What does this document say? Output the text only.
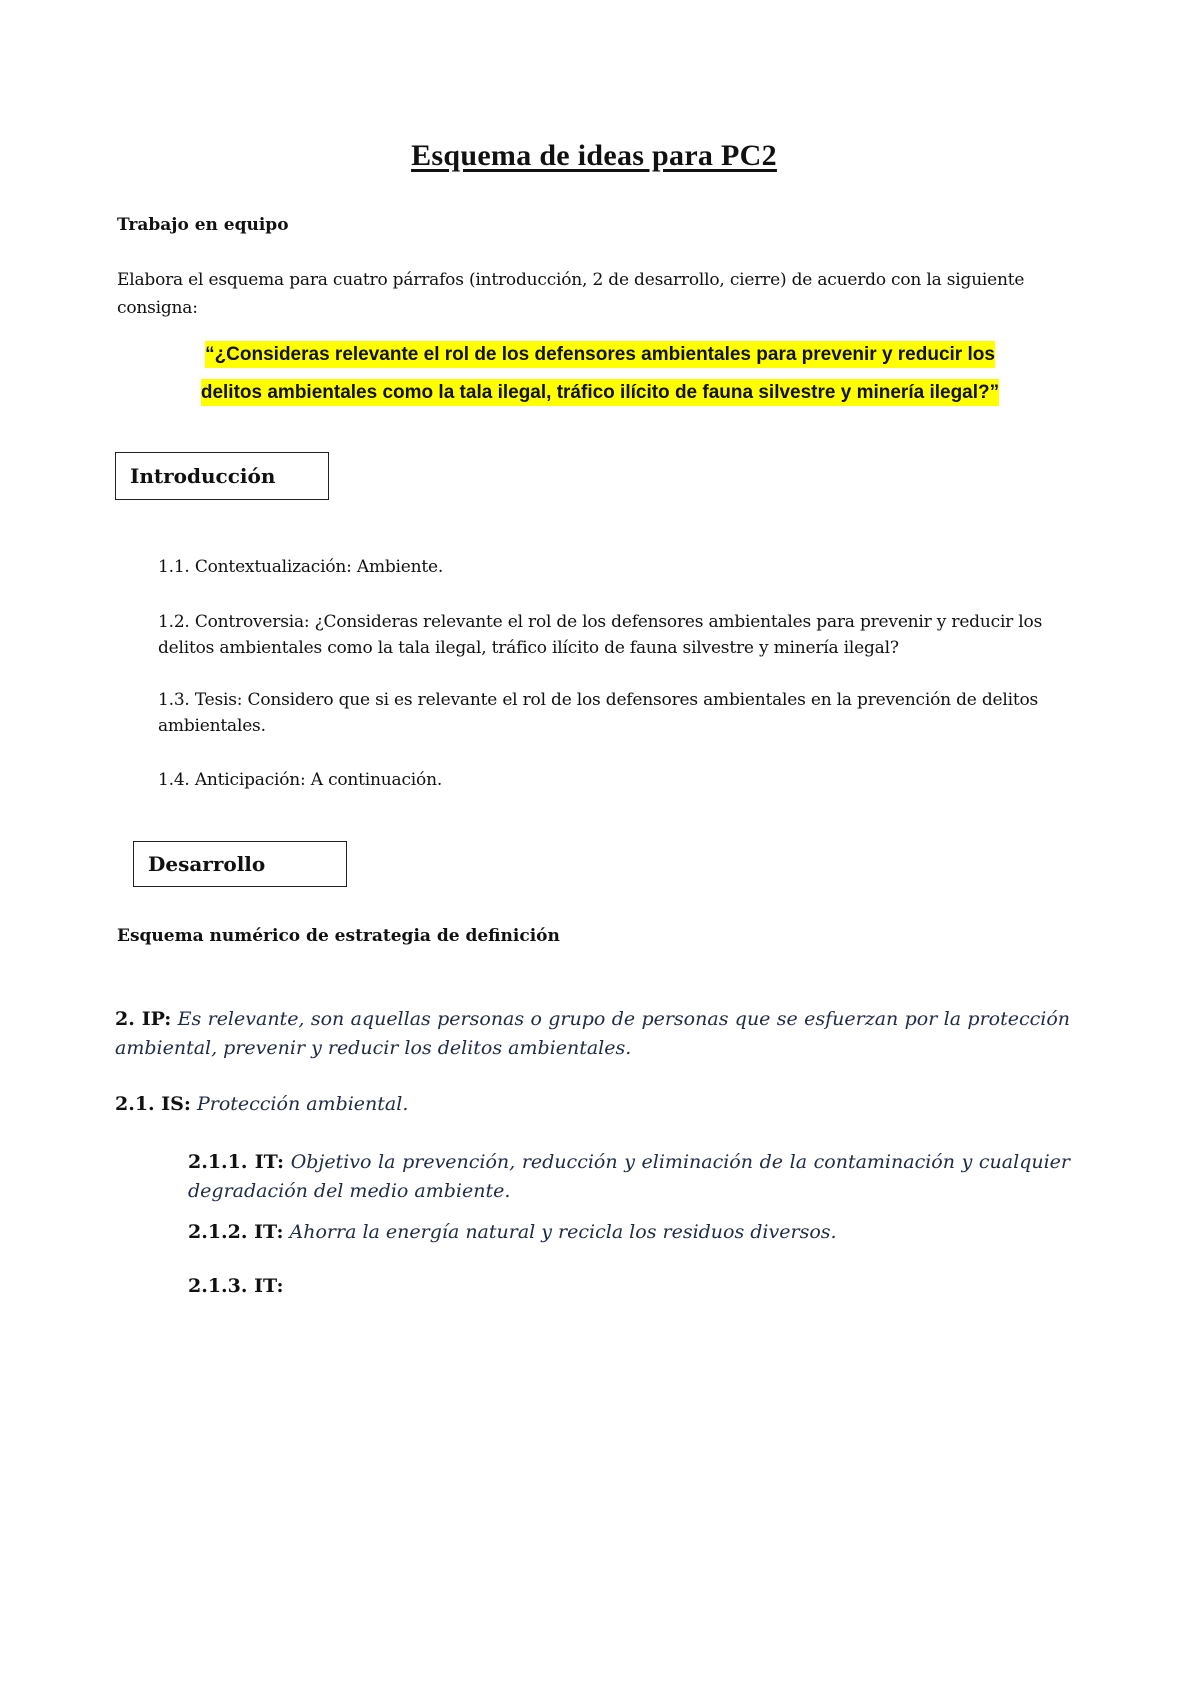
Esquema de ideas para PC2
Trabajo en equipo
Elabora el esquema para cuatro párrafos (introducción, 2 de desarrollo, cierre) de acuerdo con la siguiente consigna:
“¿Consideras relevante el rol de los defensores ambientales para prevenir y reducir los
delitos ambientales como la tala ilegal, tráfico ilícito de fauna silvestre y minería ilegal?”
Introducción
1.1. Contextualización: Ambiente.
1.2. Controversia: ¿Consideras relevante el rol de los defensores ambientales para prevenir y reducir los delitos ambientales como la tala ilegal, tráfico ilícito de fauna silvestre y minería ilegal?
1.3. Tesis: Considero que si es relevante el rol de los defensores ambientales en la prevención de delitos ambientales.
1.4. Anticipación: A continuación.
Desarrollo
Esquema numérico de estrategia de definición
2. IP: Es relevante, son aquellas personas o grupo de personas que se esfuerzan por la protección ambiental, prevenir y reducir los delitos ambientales.
2.1. IS: Protección ambiental.
2.1.1. IT: Objetivo la prevención, reducción y eliminación de la contaminación y cualquier degradación del medio ambiente.
2.1.2. IT: Ahorra la energía natural y recicla los residuos diversos.
2.1.3. IT:
